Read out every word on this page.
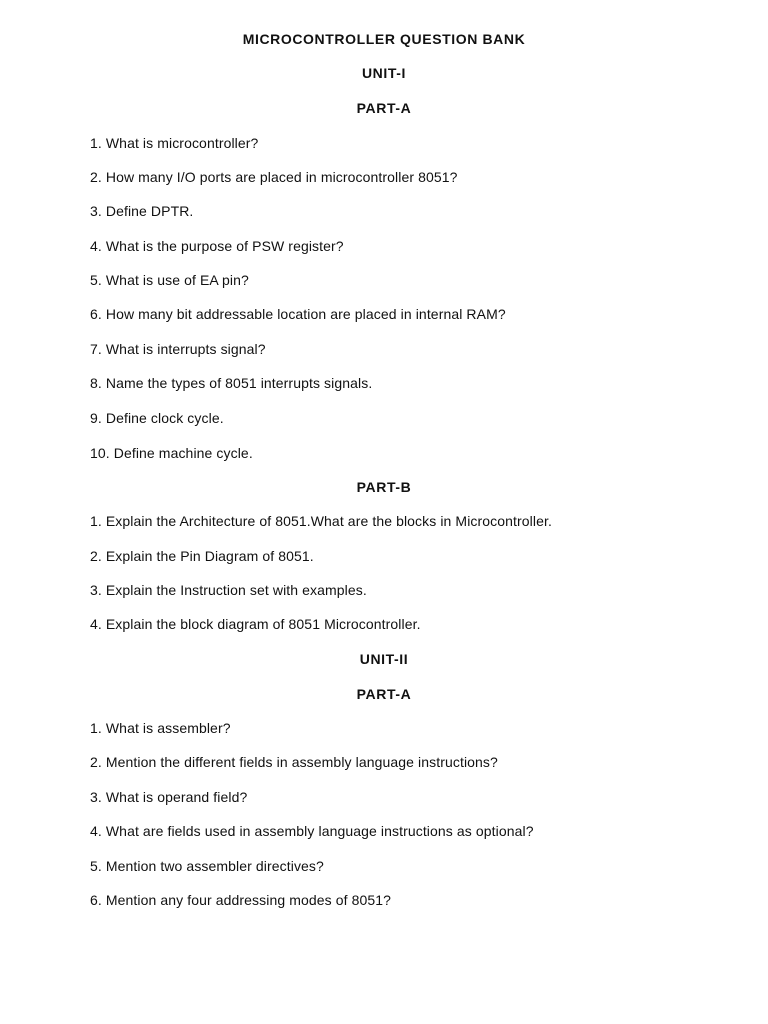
MICROCONTROLLER QUESTION BANK
UNIT-I
PART-A
1. What is microcontroller?
2. How many I/O ports are placed in microcontroller 8051?
3. Define DPTR.
4. What is the purpose of PSW register?
5. What is use of EA pin?
6. How many bit addressable location are placed in internal RAM?
7. What is interrupts signal?
8. Name the types of 8051 interrupts signals.
9. Define clock cycle.
10. Define machine cycle.
PART-B
1. Explain the Architecture of 8051.What are the blocks in Microcontroller.
2. Explain the Pin Diagram of 8051.
3. Explain the Instruction set with examples.
4. Explain the block diagram of 8051 Microcontroller.
UNIT-II
PART-A
1. What is assembler?
2. Mention the different fields in assembly language instructions?
3. What is operand field?
4. What are fields used in assembly language instructions as optional?
5. Mention two assembler directives?
6. Mention any four addressing modes of 8051?
